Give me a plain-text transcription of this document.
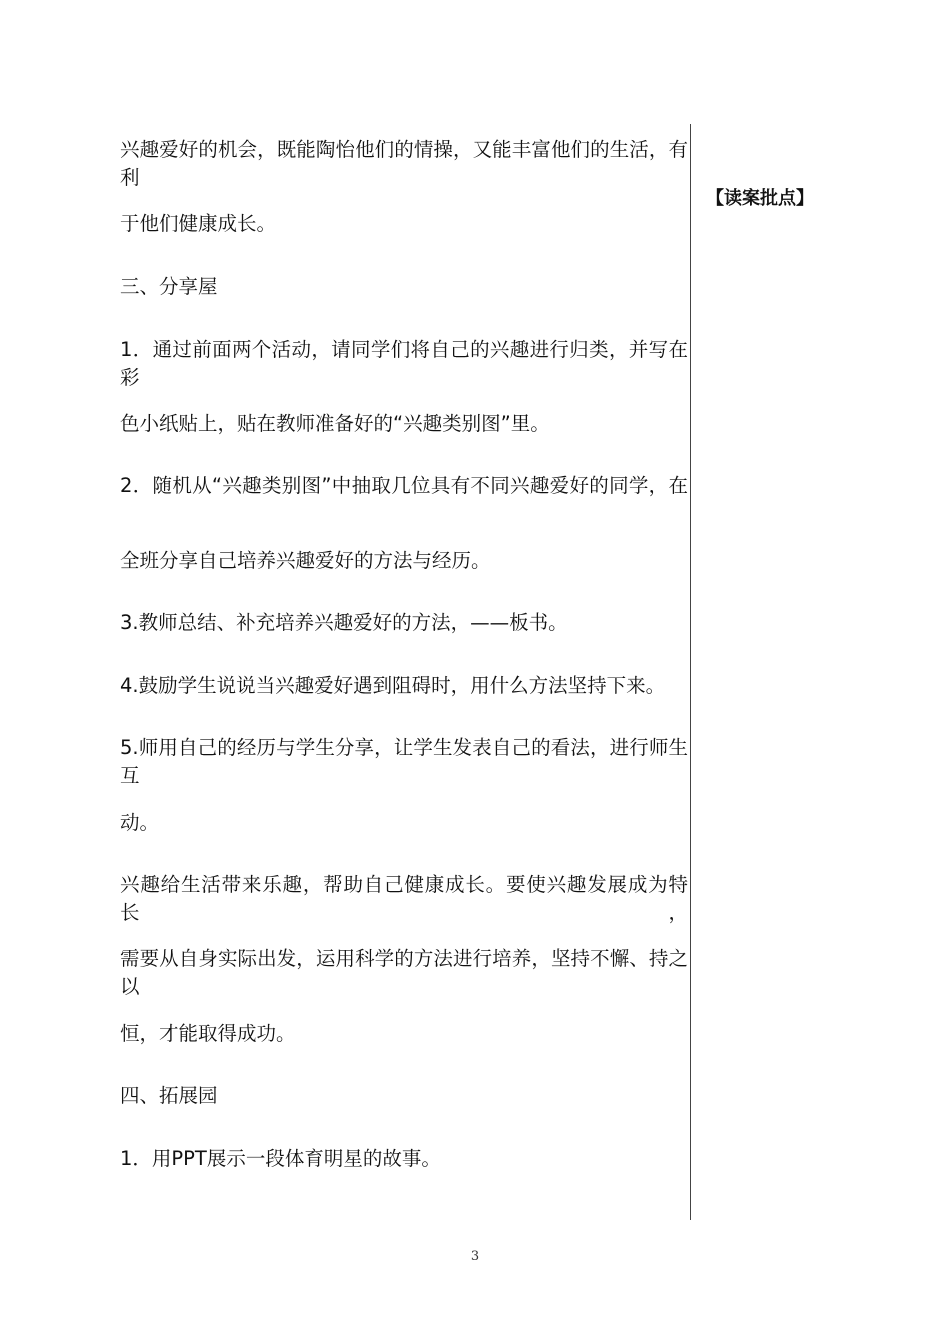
兴趣爱好的机会，既能陶怡他们的情操，又能丰富他们的生活，有利
于他们健康成长。
三、分享屋
1．通过前面两个活动，请同学们将自己的兴趣进行归类，并写在彩
色小纸贴上，贴在教师准备好的“兴趣类别图”里。
2．随机从“兴趣类别图”中抽取几位具有不同兴趣爱好的同学，在
全班分享自己培养兴趣爱好的方法与经历。
3.教师总结、补充培养兴趣爱好的方法，——板书。
4.鼓励学生说说当兴趣爱好遇到阻碍时，用什么方法坚持下来。
5.师用自己的经历与学生分享，让学生发表自己的看法，进行师生互
动。
兴趣给生活带来乐趣，帮助自己健康成长。要使兴趣发展成为特长，
需要从自身实际出发，运用科学的方法进行培养，坚持不懈、持之以
恒，才能取得成功。
四、拓展园
1．用PPT展示一段体育明星的故事。
【读案批点】
3
